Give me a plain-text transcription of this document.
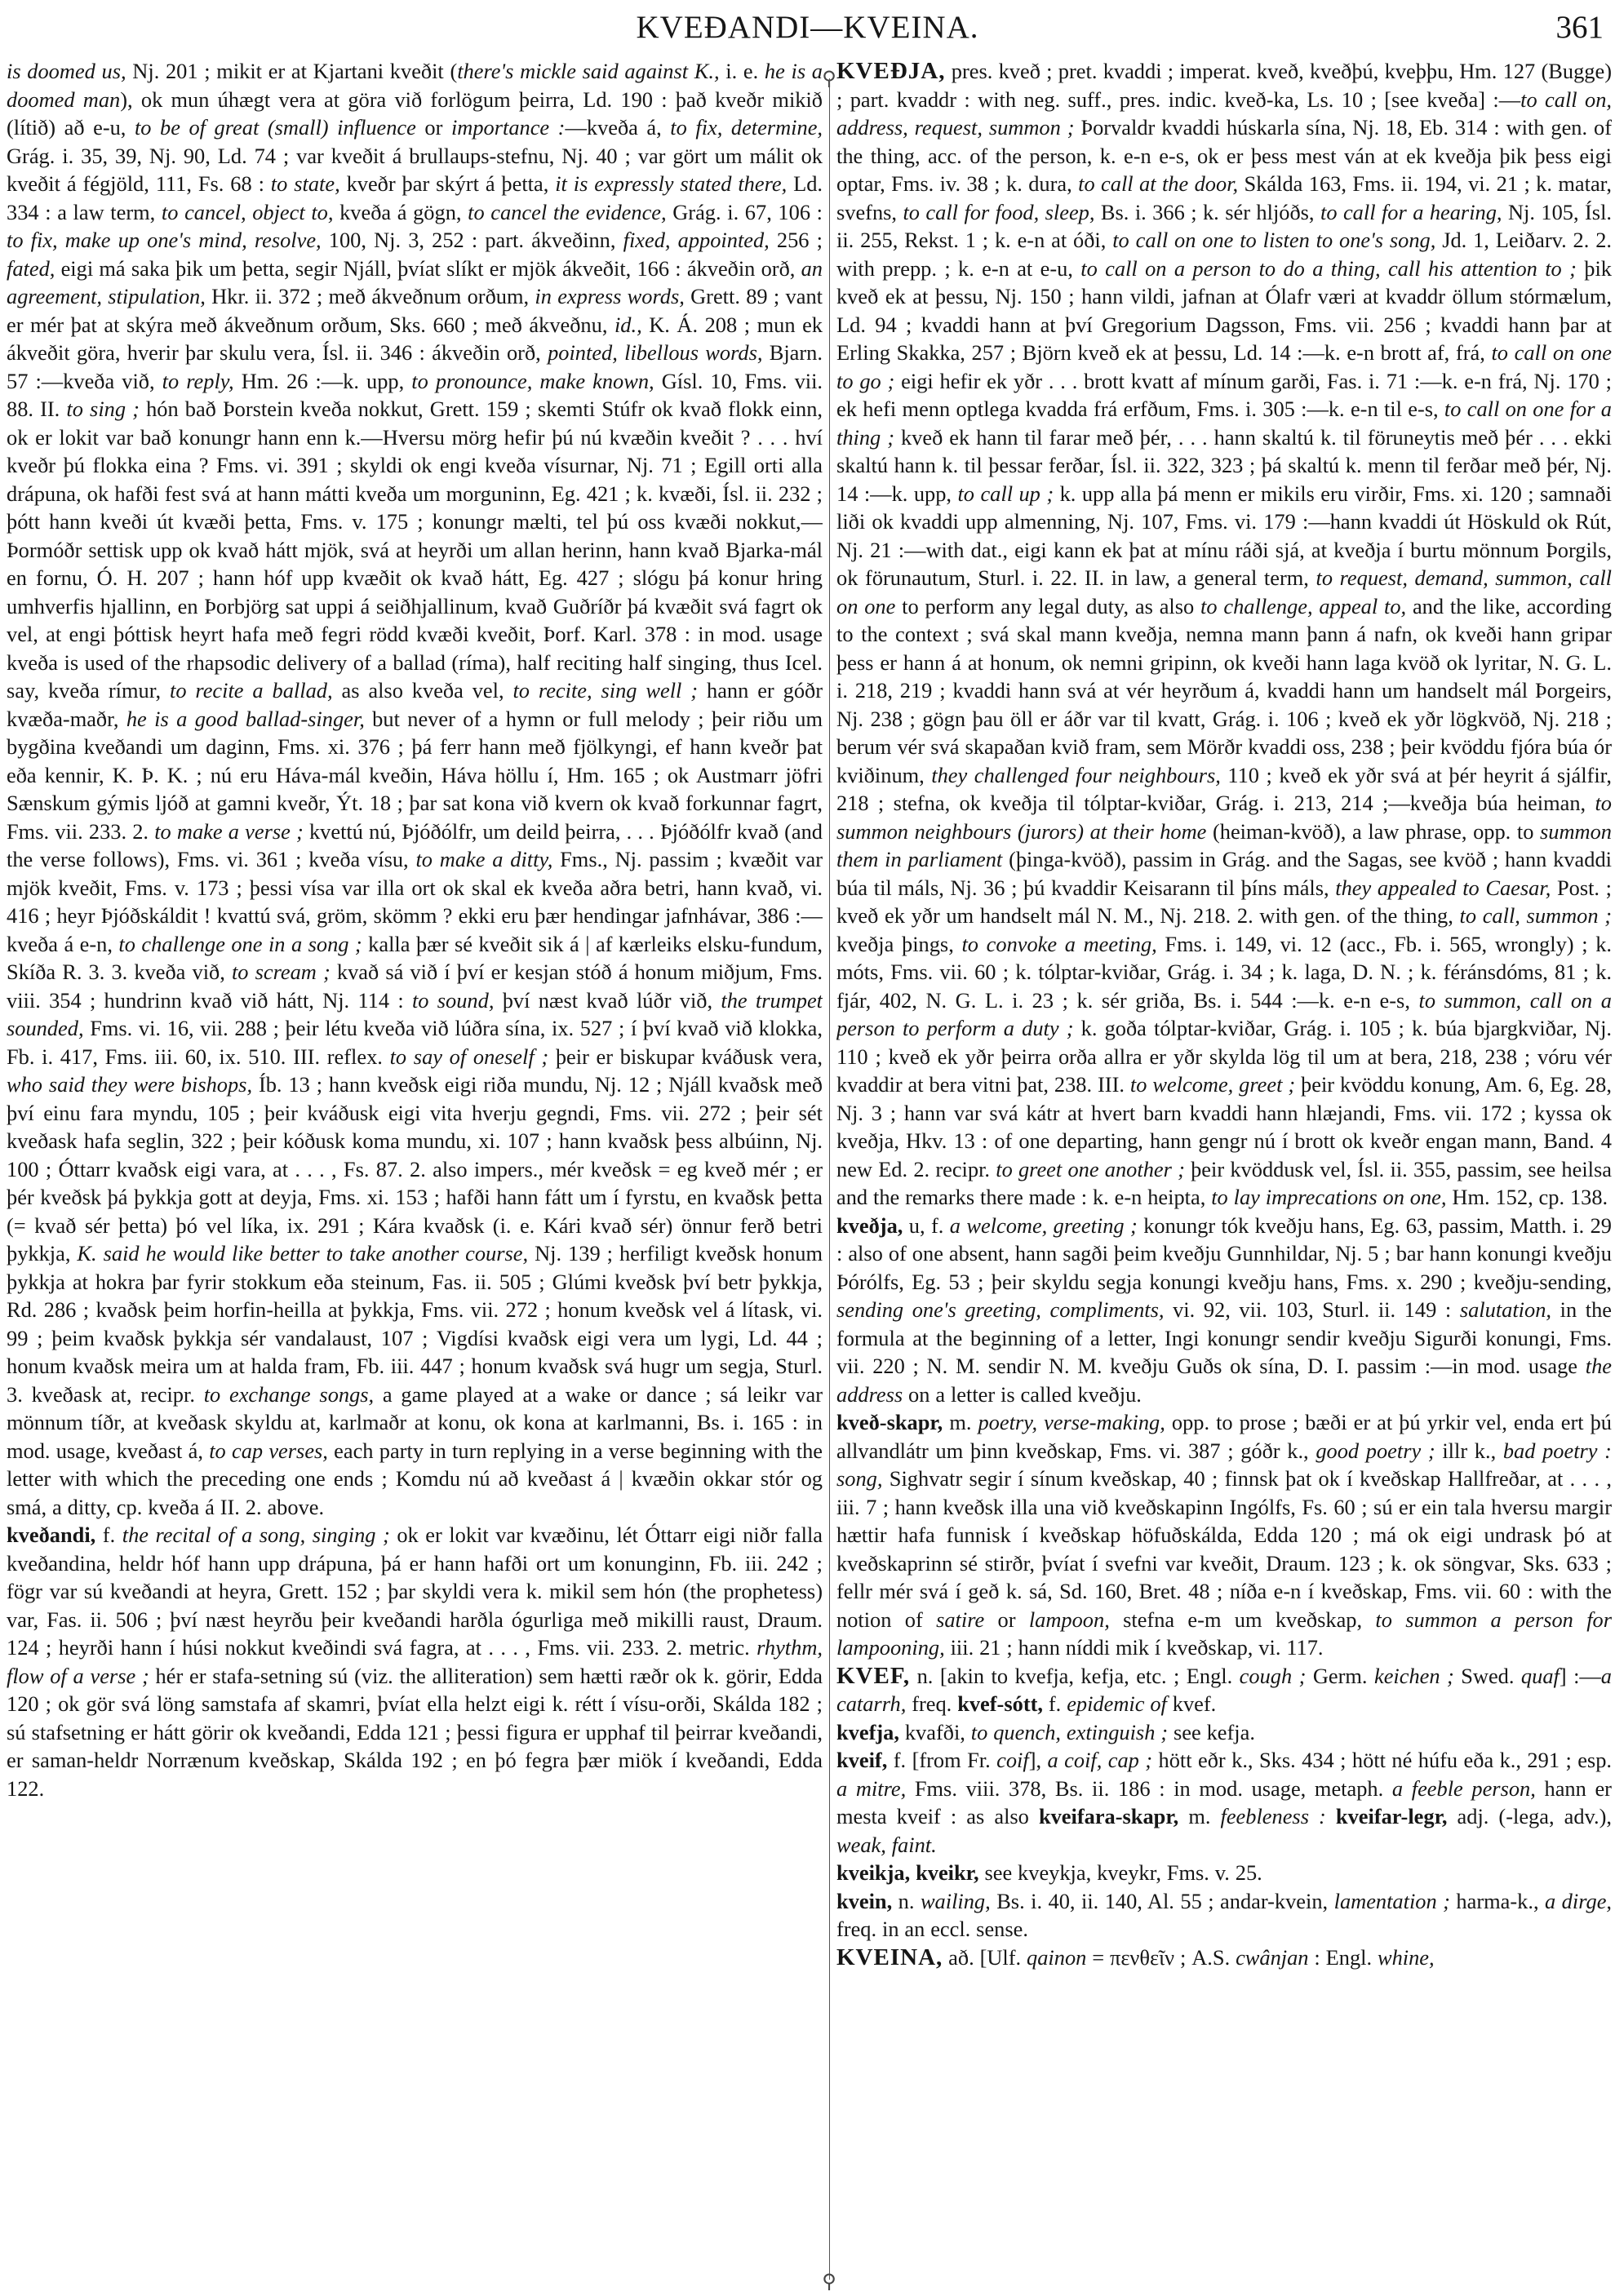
KVEÐANDI—KVEINA.	361
⚲
⚲

is doomed us, Nj. 201 ; mikit er at Kjartani kveðit (there's mickle said against K., i. e. he is a doomed man), ok mun úhægt vera at göra við forlögum þeirra, Ld. 190 : það kveðr mikið (lítið) að e-u, to be of great (small) influence or importance :—kveða á, to fix, determine, Grág. i. 35, 39, Nj. 90, Ld. 74 ; var kveðit á brullaups-stefnu, Nj. 40 ; var gört um málit ok kveðit á fégjöld, 111, Fs. 68 : to state, kveðr þar skýrt á þetta, it is expressly stated there, Ld. 334 : a law term, to cancel, object to, kveða á gögn, to cancel the evidence, Grág. i. 67, 106 : to fix, make up one's mind, resolve, 100, Nj. 3, 252 : part. ákveðinn, fixed, appointed, 256 ; fated, eigi má saka þik um þetta, segir Njáll, þvíat slíkt er mjök ákveðit, 166 : ákveðin orð, an agreement, stipulation, Hkr. ii. 372 ; með ákveðnum orðum, in express words, Grett. 89 ; vant er mér þat at skýra með ákveðnum orðum, Sks. 660 ; með ákveðnu, id., K. Á. 208 ; mun ek ákveðit göra, hverir þar skulu vera, Ísl. ii. 346 : ákveðin orð, pointed, libellous words, Bjarn. 57 :—kveða við, to reply, Hm. 26 :—k. upp, to pronounce, make known, Gísl. 10, Fms. vii. 88. II. to sing ; hón bað Þorstein kveða nokkut, Grett. 159 ; skemti Stúfr ok kvað flokk einn, ok er lokit var bað konungr hann enn k.—Hversu mörg hefir þú nú kvæðin kveðit ? . . . hví kveðr þú flokka eina ? Fms. vi. 391 ; skyldi ok engi kveða vísurnar, Nj. 71 ; Egill orti alla drápuna, ok hafði fest svá at hann mátti kveða um morguninn, Eg. 421 ; k. kvæði, Ísl. ii. 232 ; þótt hann kveði út kvæði þetta, Fms. v. 175 ; konungr mælti, tel þú oss kvæði nokkut,—Þormóðr settisk upp ok kvað hátt mjök, svá at heyrði um allan herinn, hann kvað Bjarka-mál en fornu, Ó. H. 207 ; hann hóf upp kvæðit ok kvað hátt, Eg. 427 ; slógu þá konur hring umhverfis hjallinn, en Þorbjörg sat uppi á seiðhjallinum, kvað Guðríðr þá kvæðit svá fagrt ok vel, at engi þóttisk heyrt hafa með fegri rödd kvæði kveðit, Þorf. Karl. 378 : in mod. usage kveða is used of the rhapsodic delivery of a ballad (ríma), half reciting half singing, thus Icel. say, kveða rímur, to recite a ballad, as also kveða vel, to recite, sing well ; hann er góðr kvæða-maðr, he is a good ballad-singer, but never of a hymn or full melody ; þeir riðu um bygðina kveðandi um daginn, Fms. xi. 376 ; þá ferr hann með fjölkyngi, ef hann kveðr þat eða kennir, K. Þ. K. ; nú eru Háva-mál kveðin, Háva höllu í, Hm. 165 ; ok Austmarr jöfri Sænskum gýmis ljóð at gamni kveðr, Ýt. 18 ; þar sat kona við kvern ok kvað forkunnar fagrt, Fms. vii. 233. 2. to make a verse ; kvettú nú, Þjóðólfr, um deild þeirra, . . . Þjóðólfr kvað (and the verse follows), Fms. vi. 361 ; kveða vísu, to make a ditty, Fms., Nj. passim ; kvæðit var mjök kveðit, Fms. v. 173 ; þessi vísa var illa ort ok skal ek kveða aðra betri, hann kvað, vi. 416 ; heyr Þjóðskáldit ! kvattú svá, gröm, skömm ? ekki eru þær hendingar jafnhávar, 386 :—kveða á e-n, to challenge one in a song ; kalla þær sé kveðit sik á | af kærleiks elsku-fundum, Skíða R. 3. 3. kveða við, to scream ; kvað sá við í því er kesjan stóð á honum miðjum, Fms. viii. 354 ; hundrinn kvað við hátt, Nj. 114 : to sound, því næst kvað lúðr við, the trumpet sounded, Fms. vi. 16, vii. 288 ; þeir létu kveða við lúðra sína, ix. 527 ; í því kvað við klokka, Fb. i. 417, Fms. iii. 60, ix. 510. III. reflex. to say of oneself ; þeir er biskupar kváðusk vera, who said they were bishops, Íb. 13 ; hann kveðsk eigi riða mundu, Nj. 12 ; Njáll kvaðsk með því einu fara myndu, 105 ; þeir kváðusk eigi vita hverju gegndi, Fms. vii. 272 ; þeir sét kveðask hafa seglin, 322 ; þeir kóðusk koma mundu, xi. 107 ; hann kvaðsk þess albúinn, Nj. 100 ; Óttarr kvaðsk eigi vara, at . . . , Fs. 87. 2. also impers., mér kveðsk = eg kveð mér ; er þér kveðsk þá þykkja gott at deyja, Fms. xi. 153 ; hafði hann fátt um í fyrstu, en kvaðsk þetta (= kvað sér þetta) þó vel líka, ix. 291 ; Kára kvaðsk (i. e. Kári kvað sér) önnur ferð betri þykkja, K. said he would like better to take another course, Nj. 139 ; herfiligt kveðsk honum þykkja at hokra þar fyrir stokkum eða steinum, Fas. ii. 505 ; Glúmi kveðsk því betr þykkja, Rd. 286 ; kvaðsk þeim horfin-heilla at þykkja, Fms. vii. 272 ; honum kveðsk vel á lítask, vi. 99 ; þeim kvaðsk þykkja sér vandalaust, 107 ; Vigdísi kvaðsk eigi vera um lygi, Ld. 44 ; honum kvaðsk meira um at halda fram, Fb. iii. 447 ; honum kvaðsk svá hugr um segja, Sturl. 3. kveðask at, recipr. to exchange songs, a game played at a wake or dance ; sá leikr var mönnum tíðr, at kveðask skyldu at, karlmaðr at konu, ok kona at karlmanni, Bs. i. 165 : in mod. usage, kveðast á, to cap verses, each party in turn replying in a verse beginning with the letter with which the preceding one ends ; Komdu nú að kveðast á | kvæðin okkar stór og smá, a ditty, cp. kveða á II. 2. above.

kveðandi, f. the recital of a song, singing ; ok er lokit var kvæðinu, lét Óttarr eigi niðr falla kveðandina, heldr hóf hann upp drápuna, þá er hann hafði ort um konunginn, Fb. iii. 242 ; fögr var sú kveðandi at heyra, Grett. 152 ; þar skyldi vera k. mikil sem hón (the prophetess) var, Fas. ii. 506 ; því næst heyrðu þeir kveðandi harðla ógurliga með mikilli raust, Draum. 124 ; heyrði hann í húsi nokkut kveðindi svá fagra, at . . . , Fms. vii. 233. 2. metric. rhythm, flow of a verse ; hér er stafa-setning sú (viz. the alliteration) sem hætti ræðr ok k. görir, Edda 120 ; ok gör svá löng samstafa af skamri, þvíat ella helzt eigi k. rétt í vísu-orði, Skálda 182 ; sú stafsetning er hátt görir ok kveðandi, Edda 121 ; þessi figura er upphaf til þeirrar kveðandi, er saman-heldr Norrænum kveðskap, Skálda 192 ; en þó fegra þær miök í kveðandi, Edda 122.

KVEÐJA, pres. kveð ; pret. kvaddi ; imperat. kveð, kveðþú, kveþþu, Hm. 127 (Bugge) ; part. kvaddr : with neg. suff., pres. indic. kveð-ka, Ls. 10 ; [see kveða] :—to call on, address, request, summon ; Þorvaldr kvaddi húskarla sína, Nj. 18, Eb. 314 : with gen. of the thing, acc. of the person, k. e-n e-s, ok er þess mest ván at ek kveðja þik þess eigi optar, Fms. iv. 38 ; k. dura, to call at the door, Skálda 163, Fms. ii. 194, vi. 21 ; k. matar, svefns, to call for food, sleep, Bs. i. 366 ; k. sér hljóðs, to call for a hearing, Nj. 105, Ísl. ii. 255, Rekst. 1 ; k. e-n at óði, to call on one to listen to one's song, Jd. 1, Leiðarv. 2. 2. with prepp. ; k. e-n at e-u, to call on a person to do a thing, call his attention to ; þik kveð ek at þessu, Nj. 150 ; hann vildi, jafnan at Ólafr væri at kvaddr öllum stórmælum, Ld. 94 ; kvaddi hann at því Gregorium Dagsson, Fms. vii. 256 ; kvaddi hann þar at Erling Skakka, 257 ; Björn kveð ek at þessu, Ld. 14 :—k. e-n brott af, frá, to call on one to go ; eigi hefir ek yðr . . . brott kvatt af mínum garði, Fas. i. 71 :—k. e-n frá, Nj. 170 ; ek hefi menn optlega kvadda frá erfðum, Fms. i. 305 :—k. e-n til e-s, to call on one for a thing ; kveð ek hann til farar með þér, . . . hann skaltú k. til föruneytis með þér . . . ekki skaltú hann k. til þessar ferðar, Ísl. ii. 322, 323 ; þá skaltú k. menn til ferðar með þér, Nj. 14 :—k. upp, to call up ; k. upp alla þá menn er mikils eru virðir, Fms. xi. 120 ; samnaði liði ok kvaddi upp almenning, Nj. 107, Fms. vi. 179 :—hann kvaddi út Höskuld ok Rút, Nj. 21 :—with dat., eigi kann ek þat at mínu ráði sjá, at kveðja í burtu mönnum Þorgils, ok förunautum, Sturl. i. 22. II. in law, a general term, to request, demand, summon, call on one to perform any legal duty, as also to challenge, appeal to, and the like, according to the context ; svá skal mann kveðja, nemna mann þann á nafn, ok kveði hann gripar þess er hann á at honum, ok nemni gripinn, ok kveði hann laga kvöð ok lyritar, N. G. L. i. 218, 219 ; kvaddi hann svá at vér heyrðum á, kvaddi hann um handselt mál Þorgeirs, Nj. 238 ; gögn þau öll er áðr var til kvatt, Grág. i. 106 ; kveð ek yðr lögkvöð, Nj. 218 ; berum vér svá skapaðan kvið fram, sem Mörðr kvaddi oss, 238 ; þeir kvöddu fjóra búa ór kviðinum, they challenged four neighbours, 110 ; kveð ek yðr svá at þér heyrit á sjálfir, 218 ; stefna, ok kveðja til tólptar-kviðar, Grág. i. 213, 214 ;—kveðja búa heiman, to summon neighbours (jurors) at their home (heiman-kvöð), a law phrase, opp. to summon them in parliament (þinga-kvöð), passim in Grág. and the Sagas, see kvöð ; hann kvaddi búa til máls, Nj. 36 ; þú kvaddir Keisarann til þíns máls, they appealed to Caesar, Post. ; kveð ek yðr um handselt mál N. M., Nj. 218. 2. with gen. of the thing, to call, summon ; kveðja þings, to convoke a meeting, Fms. i. 149, vi. 12 (acc., Fb. i. 565, wrongly) ; k. móts, Fms. vii. 60 ; k. tólptar-kviðar, Grág. i. 34 ; k. laga, D. N. ; k. féránsdóms, 81 ; k. fjár, 402, N. G. L. i. 23 ; k. sér griða, Bs. i. 544 :—k. e-n e-s, to summon, call on a person to perform a duty ; k. goða tólptar-kviðar, Grág. i. 105 ; k. búa bjargkviðar, Nj. 110 ; kveð ek yðr þeirra orða allra er yðr skylda lög til um at bera, 218, 238 ; vóru vér kvaddir at bera vitni þat, 238. III. to welcome, greet ; þeir kvöddu konung, Am. 6, Eg. 28, Nj. 3 ; hann var svá kátr at hvert barn kvaddi hann hlæjandi, Fms. vii. 172 ; kyssa ok kveðja, Hkv. 13 : of one departing, hann gengr nú í brott ok kveðr engan mann, Band. 4 new Ed. 2. recipr. to greet one another ; þeir kvöddusk vel, Ísl. ii. 355, passim, see heilsa and the remarks there made : k. e-n heipta, to lay imprecations on one, Hm. 152, cp. 138.

kveðja, u, f. a welcome, greeting ; konungr tók kveðju hans, Eg. 63, passim, Matth. i. 29 : also of one absent, hann sagði þeim kveðju Gunnhildar, Nj. 5 ; bar hann konungi kveðju Þórólfs, Eg. 53 ; þeir skyldu segja konungi kveðju hans, Fms. x. 290 ; kveðju-sending, sending one's greeting, compliments, vi. 92, vii. 103, Sturl. ii. 149 : salutation, in the formula at the beginning of a letter, Ingi konungr sendir kveðju Sigurði konungi, Fms. vii. 220 ; N. M. sendir N. M. kveðju Guðs ok sína, D. I. passim :—in mod. usage the address on a letter is called kveðju.

kveð-skapr, m. poetry, verse-making, opp. to prose ; bæði er at þú yrkir vel, enda ert þú allvandlátr um þinn kveðskap, Fms. vi. 387 ; góðr k., good poetry ; illr k., bad poetry : song, Sighvatr segir í sínum kveðskap, 40 ; finnsk þat ok í kveðskap Hallfreðar, at . . . , iii. 7 ; hann kveðsk illa una við kveðskapinn Ingólfs, Fs. 60 ; sú er ein tala hversu margir hættir hafa funnisk í kveðskap höfuðskálda, Edda 120 ; má ok eigi undrask þó at kveðskaprinn sé stirðr, þvíat í svefni var kveðit, Draum. 123 ; k. ok söngvar, Sks. 633 ; fellr mér svá í geð k. sá, Sd. 160, Bret. 48 ; níða e-n í kveðskap, Fms. vii. 60 : with the notion of satire or lampoon, stefna e-m um kveðskap, to summon a person for lampooning, iii. 21 ; hann níddi mik í kveðskap, vi. 117.

KVEF, n. [akin to kvefja, kefja, etc. ; Engl. cough ; Germ. keichen ; Swed. quaf] :—a catarrh, freq. kvef-sótt, f. epidemic of kvef.

kvefja, kvafði, to quench, extinguish ; see kefja.

kveif, f. [from Fr. coif], a coif, cap ; hött eðr k., Sks. 434 ; hött né húfu eða k., 291 ; esp. a mitre, Fms. viii. 378, Bs. ii. 186 : in mod. usage, metaph. a feeble person, hann er mesta kveif : as also kveifara-skapr, m. feebleness : kveifar-legr, adj. (-lega, adv.), weak, faint.

kveikja, kveikr, see kveykja, kveykr, Fms. v. 25.

kvein, n. wailing, Bs. i. 40, ii. 140, Al. 55 ; andar-kvein, lamentation ; harma-k., a dirge, freq. in an eccl. sense.

KVEINA, að. [Ulf. qainon = πενθεῖν ; A.S. cwânjan : Engl. whine,
